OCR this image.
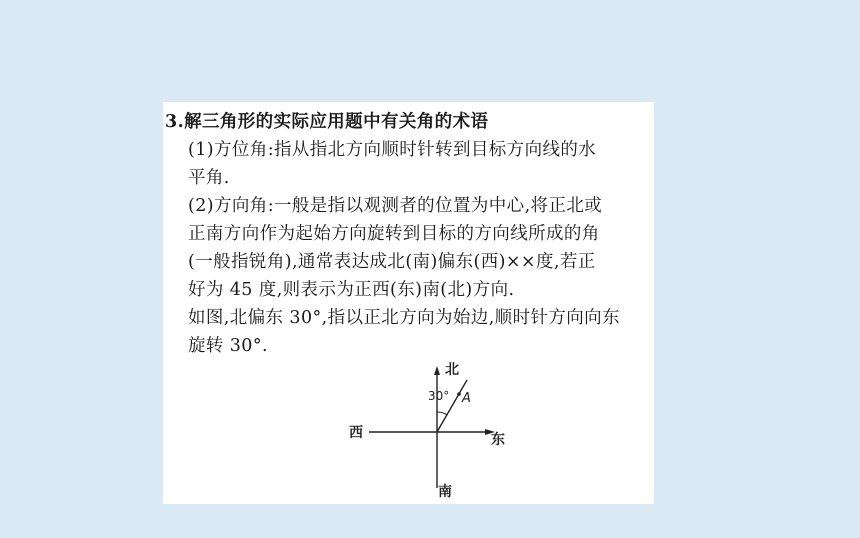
3.解三角形的实际应用题中有关角的术语
(1)方位角:指从指北方向顺时针转到目标方向线的水
平角.
(2)方向角:一般是指以观测者的位置为中心,将正北或
正南方向作为起始方向旋转到目标的方向线所成的角
(一般指锐角),通常表达成北(南)偏东(西)××度,若正
好为 45 度,则表示为正西(东)南(北)方向.
如图,北偏东 30°,指以正北方向为始边,顺时针方向向东
旋转 30°.
北
南
东
西
30° A
